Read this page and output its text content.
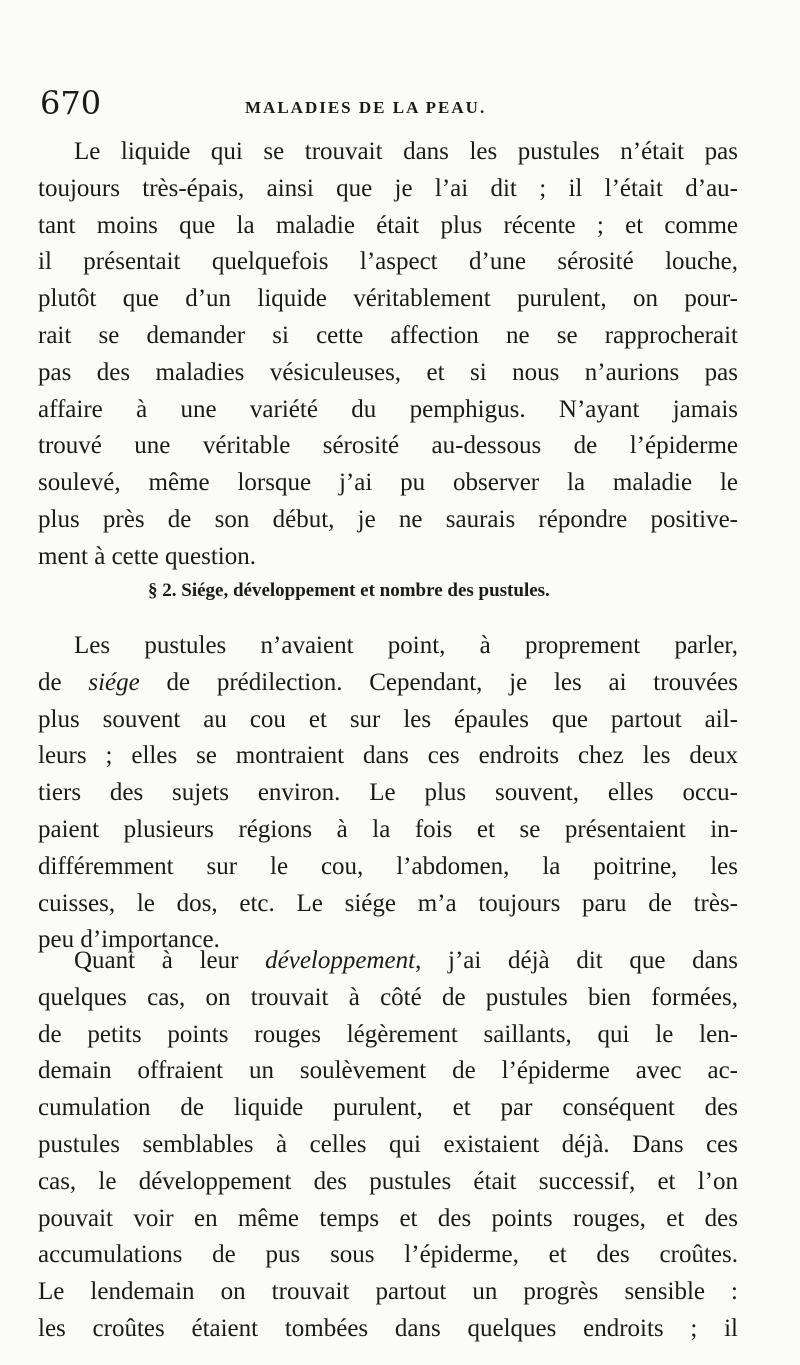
670	MALADIES DE LA PEAU.
Le liquide qui se trouvait dans les pustules n’était pas
toujours très-épais, ainsi que je l’ai dit ; il l’était d’au-
tant moins que la maladie était plus récente ; et comme
il présentait quelquefois l’aspect d’une sérosité louche,
plutôt que d’un liquide véritablement purulent, on pour-
rait se demander si cette affection ne se rapprocherait
pas des maladies vésiculeuses, et si nous n’aurions pas
affaire à une variété du pemphigus. N’ayant jamais
trouvé une véritable sérosité au-dessous de l’épiderme
soulevé, même lorsque j’ai pu observer la maladie le
plus près de son début, je ne saurais répondre positive-
ment à cette question.
§ 2. Siége, développement et nombre des pustules.
Les pustules n’avaient point, à proprement parler,
de siége de prédilection. Cependant, je les ai trouvées
plus souvent au cou et sur les épaules que partout ail-
leurs ; elles se montraient dans ces endroits chez les deux
tiers des sujets environ. Le plus souvent, elles occu-
paient plusieurs régions à la fois et se présentaient in-
différemment sur le cou, l’abdomen, la poitrine, les
cuisses, le dos, etc. Le siége m’a toujours paru de très-
peu d’importance.
Quant à leur développement, j’ai déjà dit que dans
quelques cas, on trouvait à côté de pustules bien formées,
de petits points rouges légèrement saillants, qui le len-
demain offraient un soulèvement de l’épiderme avec ac-
cumulation de liquide purulent, et par conséquent des
pustules semblables à celles qui existaient déjà. Dans ces
cas, le développement des pustules était successif, et l’on
pouvait voir en même temps et des points rouges, et des
accumulations de pus sous l’épiderme, et des croûtes.
Le lendemain on trouvait partout un progrès sensible :
les croûtes étaient tombées dans quelques endroits ; il
